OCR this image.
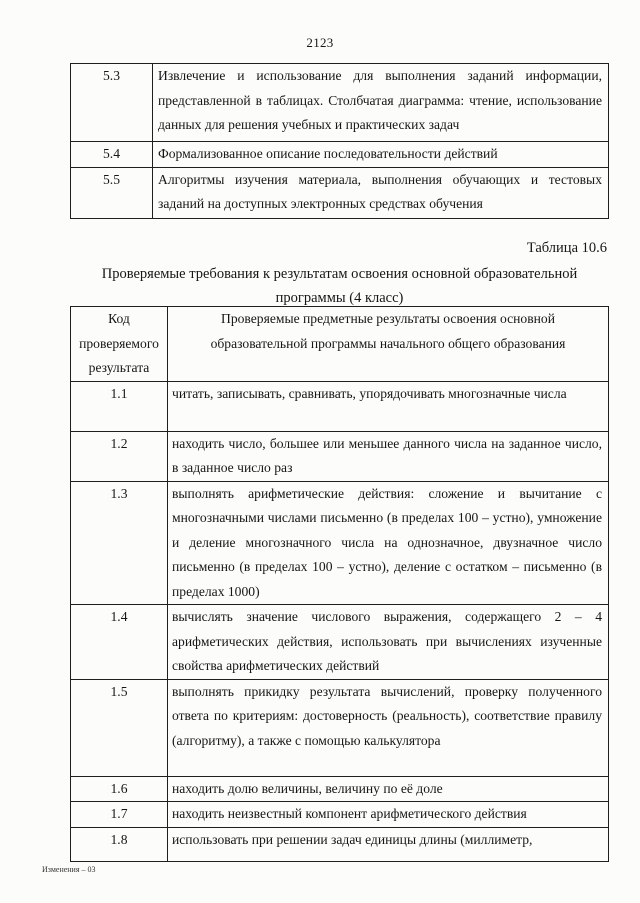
2123
5.3	Извлечение и использование для выполнения заданий информации, представленной в таблицах. Столбчатая диаграмма: чтение, использование данных для решения учебных и практических задач
5.4	Формализованное описание последовательности действий
5.5	Алгоритмы изучения материала, выполнения обучающих и тестовых заданий на доступных электронных средствах обучения
Таблица 10.6
Проверяемые требования к результатам освоения основной образовательной программы (4 класс)
Код проверяемого результата	Проверяемые предметные результаты освоения основной образовательной программы начального общего образования
1.1	читать, записывать, сравнивать, упорядочивать многозначные числа
1.2	находить число, большее или меньшее данного числа на заданное число, в заданное число раз
1.3	выполнять арифметические действия: сложение и вычитание с многозначными числами письменно (в пределах 100 – устно), умножение и деление многозначного числа на однозначное, двузначное число письменно (в пределах 100 – устно), деление с остатком – письменно (в пределах 1000)
1.4	вычислять значение числового выражения, содержащего 2 – 4 арифметических действия, использовать при вычислениях изученные свойства арифметических действий
1.5	выполнять прикидку результата вычислений, проверку полученного ответа по критериям: достоверность (реальность), соответствие правилу (алгоритму), а также с помощью калькулятора
1.6	находить долю величины, величину по её доле
1.7	находить неизвестный компонент арифметического действия
1.8	использовать при решении задач единицы длины (миллиметр,
Изменения – 03
